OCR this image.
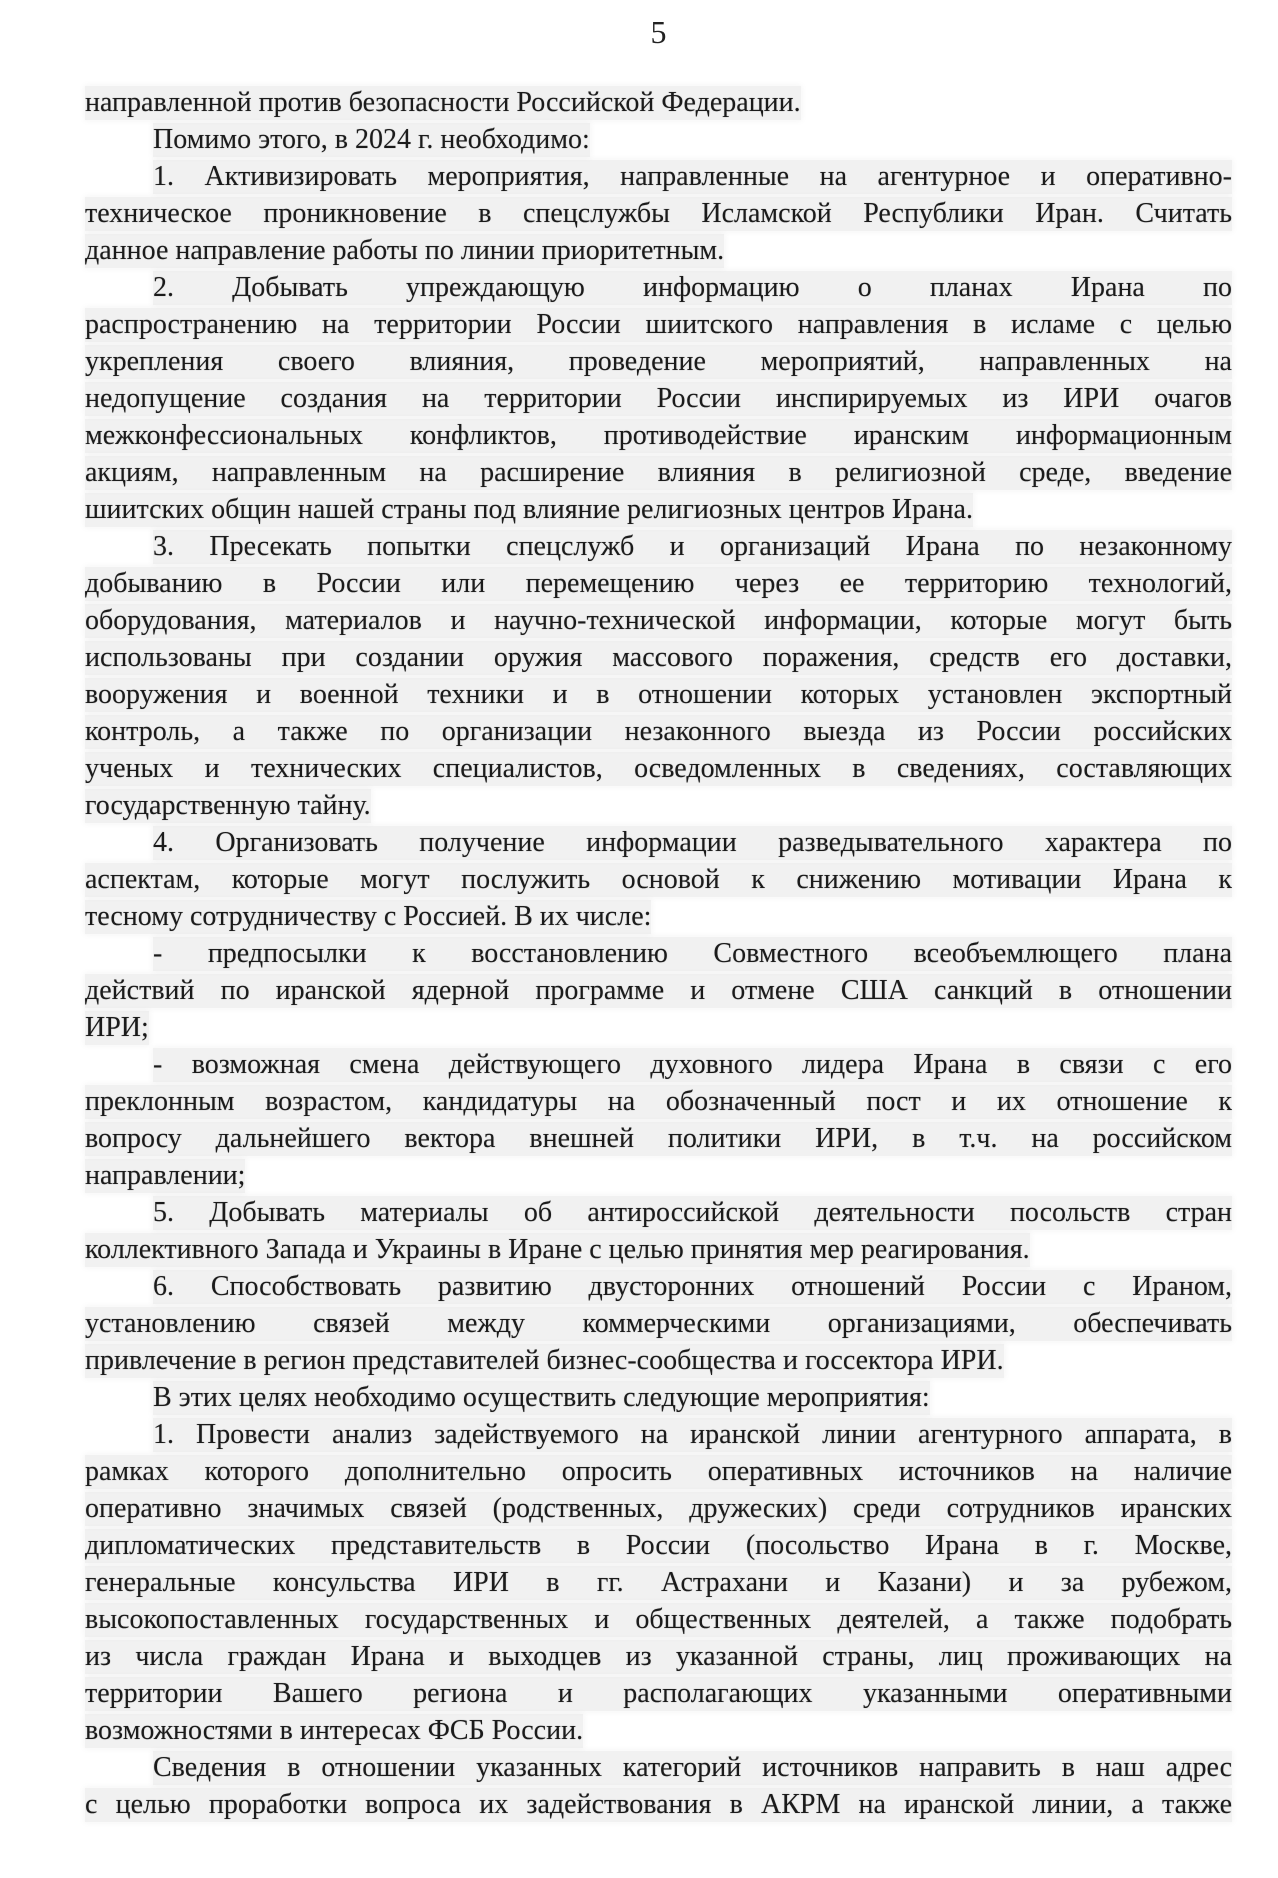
5
направленной против безопасности Российской Федерации.
Помимо этого, в 2024 г. необходимо:
1. Активизировать мероприятия, направленные на агентурное и оперативно-
техническое проникновение в спецслужбы Исламской Республики Иран. Считать
данное направление работы по линии приоритетным.
2. Добывать упреждающую информацию о планах Ирана по
распространению на территории России шиитского направления в исламе с целью
укрепления своего влияния, проведение мероприятий, направленных на
недопущение создания на территории России инспирируемых из ИРИ очагов
межконфессиональных конфликтов, противодействие иранским информационным
акциям, направленным на расширение влияния в религиозной среде, введение
шиитских общин нашей страны под влияние религиозных центров Ирана.
3. Пресекать попытки спецслужб и организаций Ирана по незаконному
добыванию в России или перемещению через ее территорию технологий,
оборудования, материалов и научно-технической информации, которые могут быть
использованы при создании оружия массового поражения, средств его доставки,
вооружения и военной техники и в отношении которых установлен экспортный
контроль, а также по организации незаконного выезда из России российских
ученых и технических специалистов, осведомленных в сведениях, составляющих
государственную тайну.
4. Организовать получение информации разведывательного характера по
аспектам, которые могут послужить основой к снижению мотивации Ирана к
тесному сотрудничеству с Россией. В их числе:
- предпосылки к восстановлению Совместного всеобъемлющего плана
действий по иранской ядерной программе и отмене США санкций в отношении
ИРИ;
- возможная смена действующего духовного лидера Ирана в связи с его
преклонным возрастом, кандидатуры на обозначенный пост и их отношение к
вопросу дальнейшего вектора внешней политики ИРИ, в т.ч. на российском
направлении;
5. Добывать материалы об антироссийской деятельности посольств стран
коллективного Запада и Украины в Иране с целью принятия мер реагирования.
6. Способствовать развитию двусторонних отношений России с Ираном,
установлению связей между коммерческими организациями, обеспечивать
привлечение в регион представителей бизнес-сообщества и госсектора ИРИ.
В этих целях необходимо осуществить следующие мероприятия:
1. Провести анализ задействуемого на иранской линии агентурного аппарата, в
рамках которого дополнительно опросить оперативных источников на наличие
оперативно значимых связей (родственных, дружеских) среди сотрудников иранских
дипломатических представительств в России (посольство Ирана в г. Москве,
генеральные консульства ИРИ в гг. Астрахани и Казани) и за рубежом,
высокопоставленных государственных и общественных деятелей, а также подобрать
из числа граждан Ирана и выходцев из указанной страны, лиц проживающих на
территории Вашего региона и располагающих указанными оперативными
возможностями в интересах ФСБ России.
Сведения в отношении указанных категорий источников направить в наш адрес
с целью проработки вопроса их задействования в АКРМ на иранской линии, а также
